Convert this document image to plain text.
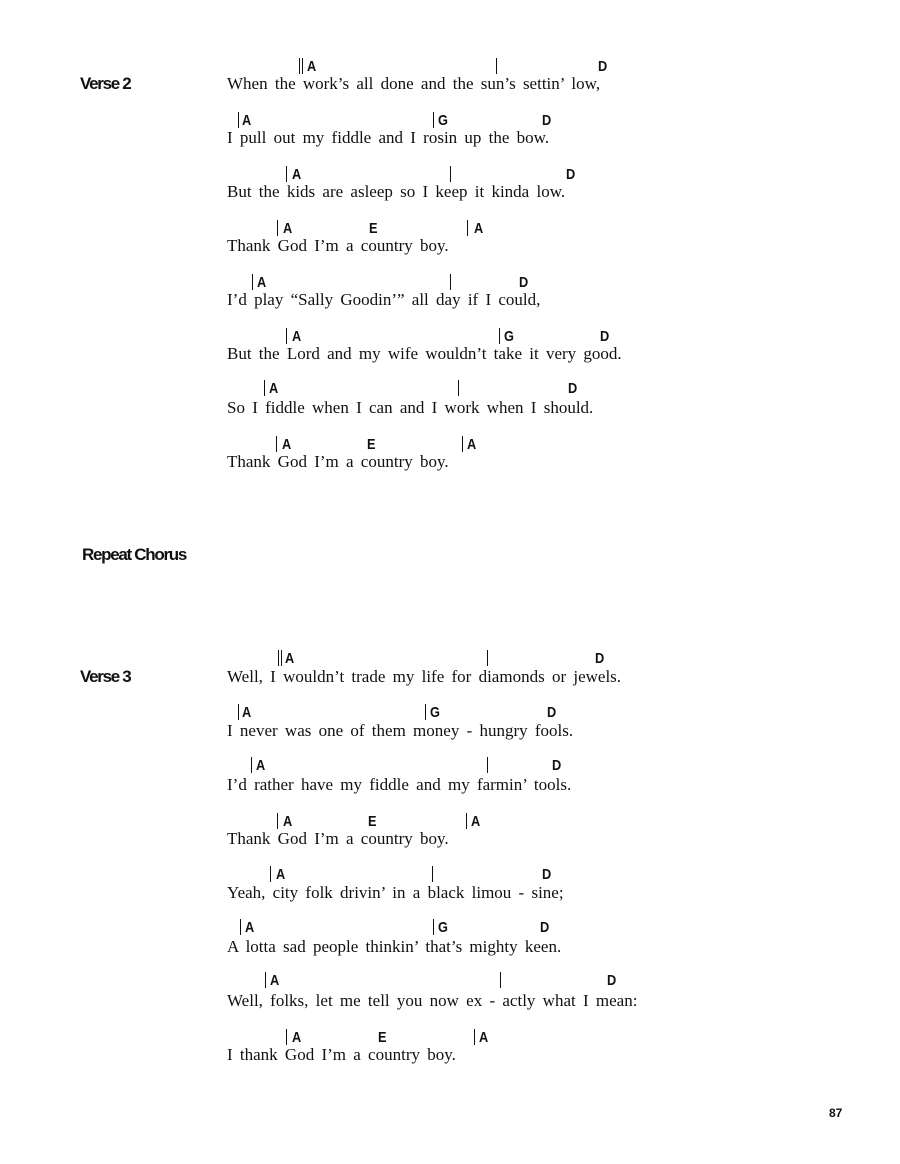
Verse 2
A	D
When the work’s all done and the sun’s settin’ low,
A	G	D
I pull out my fiddle and I rosin up the bow.
A	D
But the kids are asleep so I keep it kinda low.
A	E	A
Thank God I’m a country boy.
A	D
I’d play “Sally Goodin’” all day if I could,
A	G	D
But the Lord and my wife wouldn’t take it very good.
A	D
So I fiddle when I can and I work when I should.
A	E	A
Thank God I’m a country boy.
Repeat Chorus
Verse 3
A	D
Well, I wouldn’t trade my life for diamonds or jewels.
A	G	D
I never was one of them money - hungry fools.
A	D
I’d rather have my fiddle and my farmin’ tools.
A	E	A
Thank God I’m a country boy.
A	D
Yeah, city folk drivin’ in a black limou - sine;
A	G	D
A lotta sad people thinkin’ that’s mighty keen.
A	D
Well, folks, let me tell you now ex - actly what I mean:
A	E	A
I thank God I’m a country boy.
87
